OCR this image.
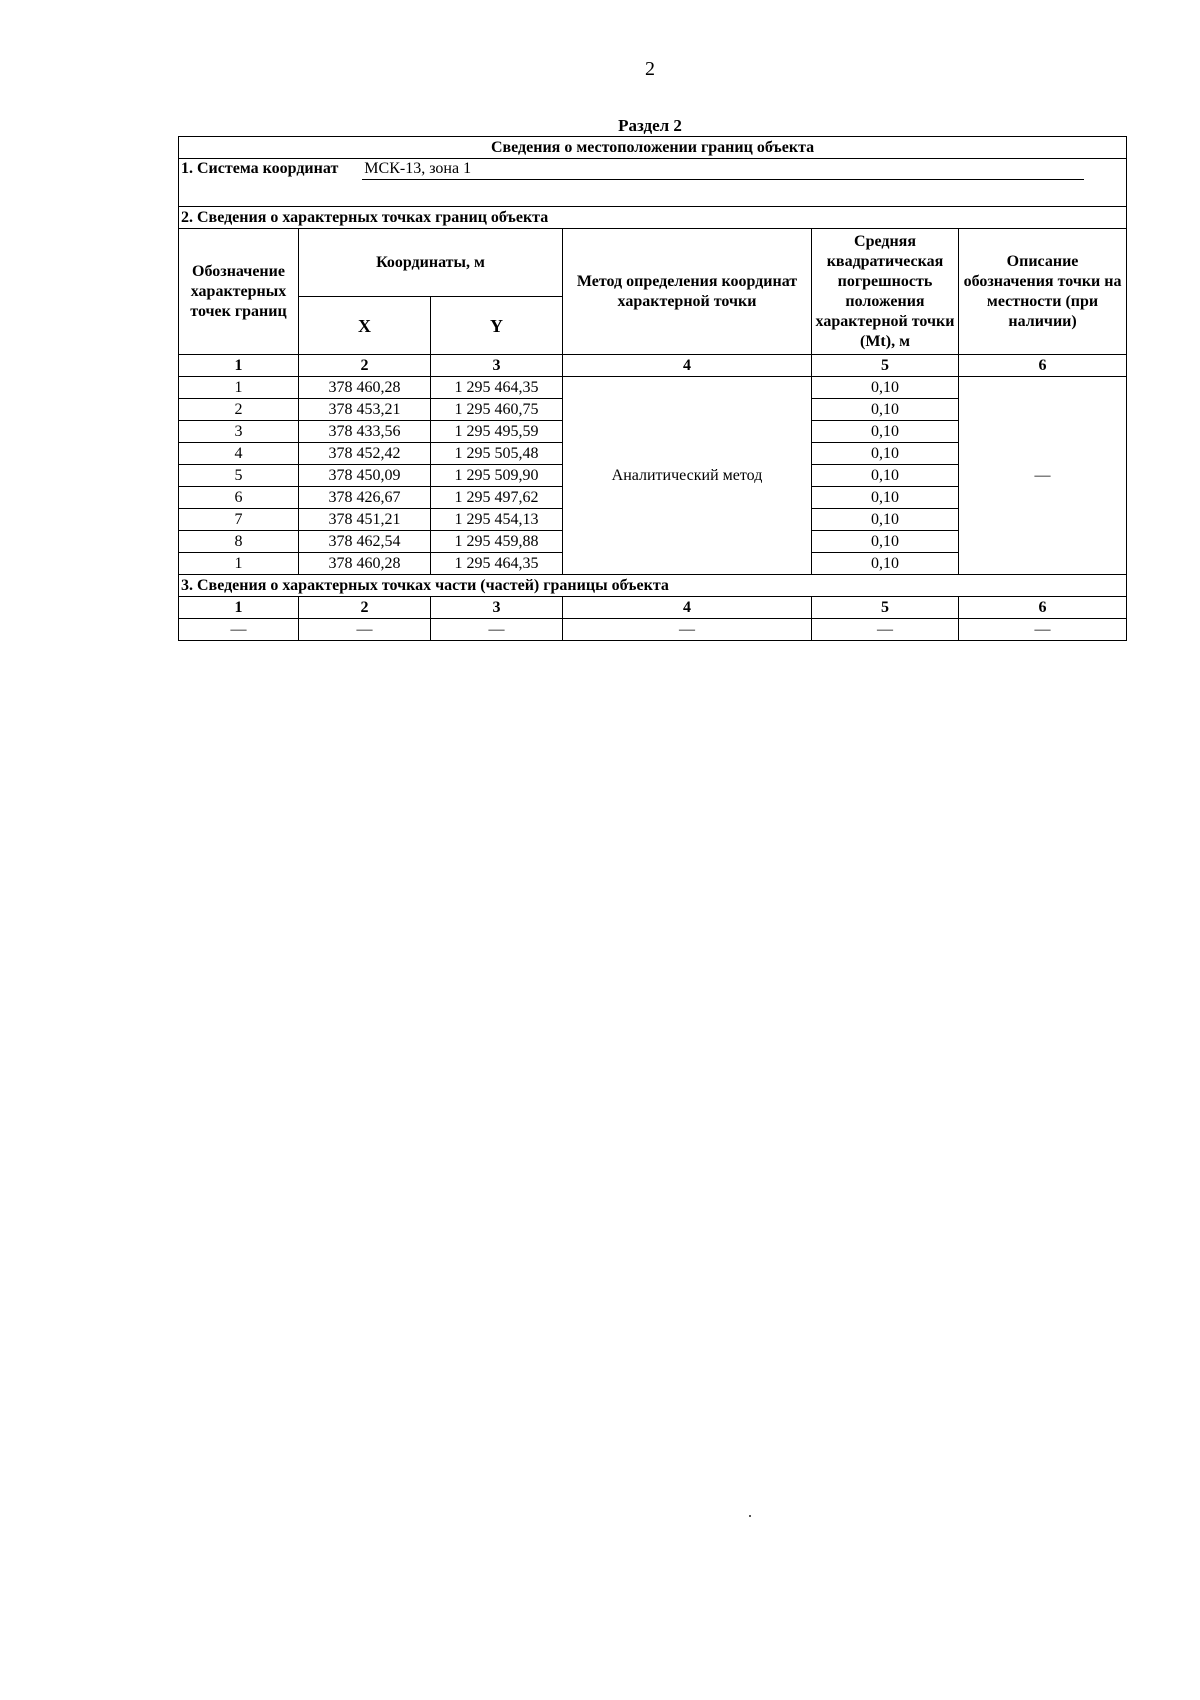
2
Раздел 2
Сведения о местоположении границ объекта					
1. Система координат МСК-13, зона 1					
2. Сведения о характерных точках границ объекта					
Обозначение характерных точек границ	Координаты, м		Метод определения координат характерной точки	Средняя квадратическая погрешность положения характерной точки (Mt), м	Описание обозначения точки на местности (при наличии)
	X	Y			
1	2	3	4	5	6
1	378 460,28	1 295 464,35	Аналитический метод	0,10	—
2	378 453,21	1 295 460,75		0,10	
3	378 433,56	1 295 495,59		0,10	
4	378 452,42	1 295 505,48		0,10	
5	378 450,09	1 295 509,90		0,10	
6	378 426,67	1 295 497,62		0,10	
7	378 451,21	1 295 454,13		0,10	
8	378 462,54	1 295 459,88		0,10	
1	378 460,28	1 295 464,35		0,10	
3. Сведения о характерных точках части (частей) границы объекта					
1	2	3	4	5	6
—	—	—	—	—	—
